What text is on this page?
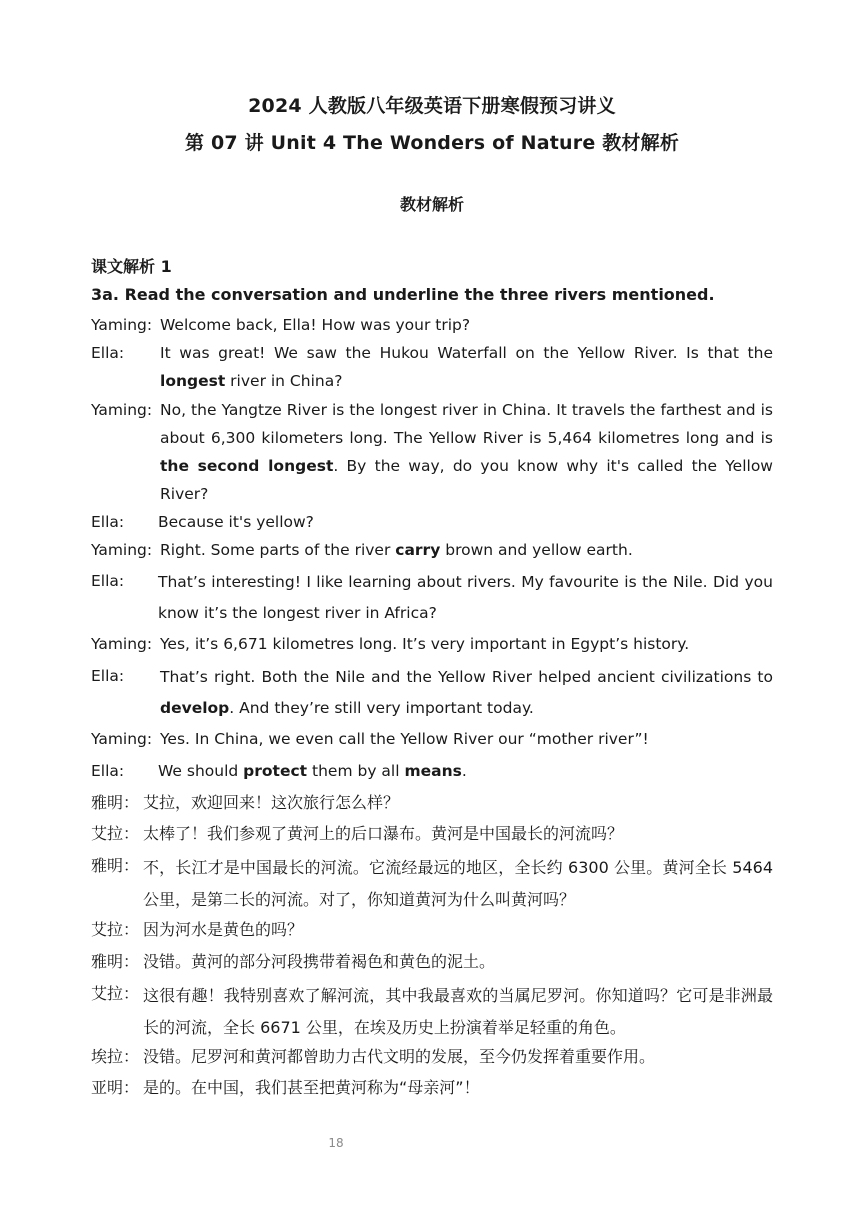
2024 人教版八年级英语下册寒假预习讲义
第 07 讲 Unit 4 The Wonders of Nature 教材解析
教材解析
课文解析 1
3a. Read the conversation and underline the three rivers mentioned.
Yaming: Welcome back, Ella! How was your trip?
Ella: It was great! We saw the Hukou Waterfall on the Yellow River. Is that the longest river in China?
Yaming: No, the Yangtze River is the longest river in China. It travels the farthest and is about 6,300 kilometers long. The Yellow River is 5,464 kilometres long and is the second longest. By the way, do you know why it's called the Yellow River?
Ella: Because it's yellow?
Yaming: Right. Some parts of the river carry brown and yellow earth.
Ella: That’s interesting! I like learning about rivers. My favourite is the Nile. Did you know it’s the longest river in Africa?
Yaming: Yes, it’s 6,671 kilometres long. It’s very important in Egypt’s history.
Ella: That’s right. Both the Nile and the Yellow River helped ancient civilizations to develop. And they’re still very important today.
Yaming: Yes. In China, we even call the Yellow River our “mother river”!
Ella: We should protect them by all means.
雅明： 艾拉，欢迎回来！这次旅行怎么样？
艾拉： 太棒了！我们参观了黄河上的后口瀑布。黄河是中国最长的河流吗？
雅明： 不，长江才是中国最长的河流。它流经最远的地区，全长约 6300 公里。黄河全长 5464 公里，是第二长的河流。对了，你知道黄河为什么叫黄河吗？
艾拉： 因为河水是黄色的吗？
雅明： 没错。黄河的部分河段携带着褐色和黄色的泥土。
艾拉： 这很有趣！我特别喜欢了解河流，其中我最喜欢的当属尼罗河。你知道吗？它可是非洲最长的河流，全长 6671 公里，在埃及历史上扮演着举足轻重的角色。
埃拉： 没错。尼罗河和黄河都曾助力古代文明的发展，至今仍发挥着重要作用。
亚明： 是的。在中国，我们甚至把黄河称为“母亲河”！
18
